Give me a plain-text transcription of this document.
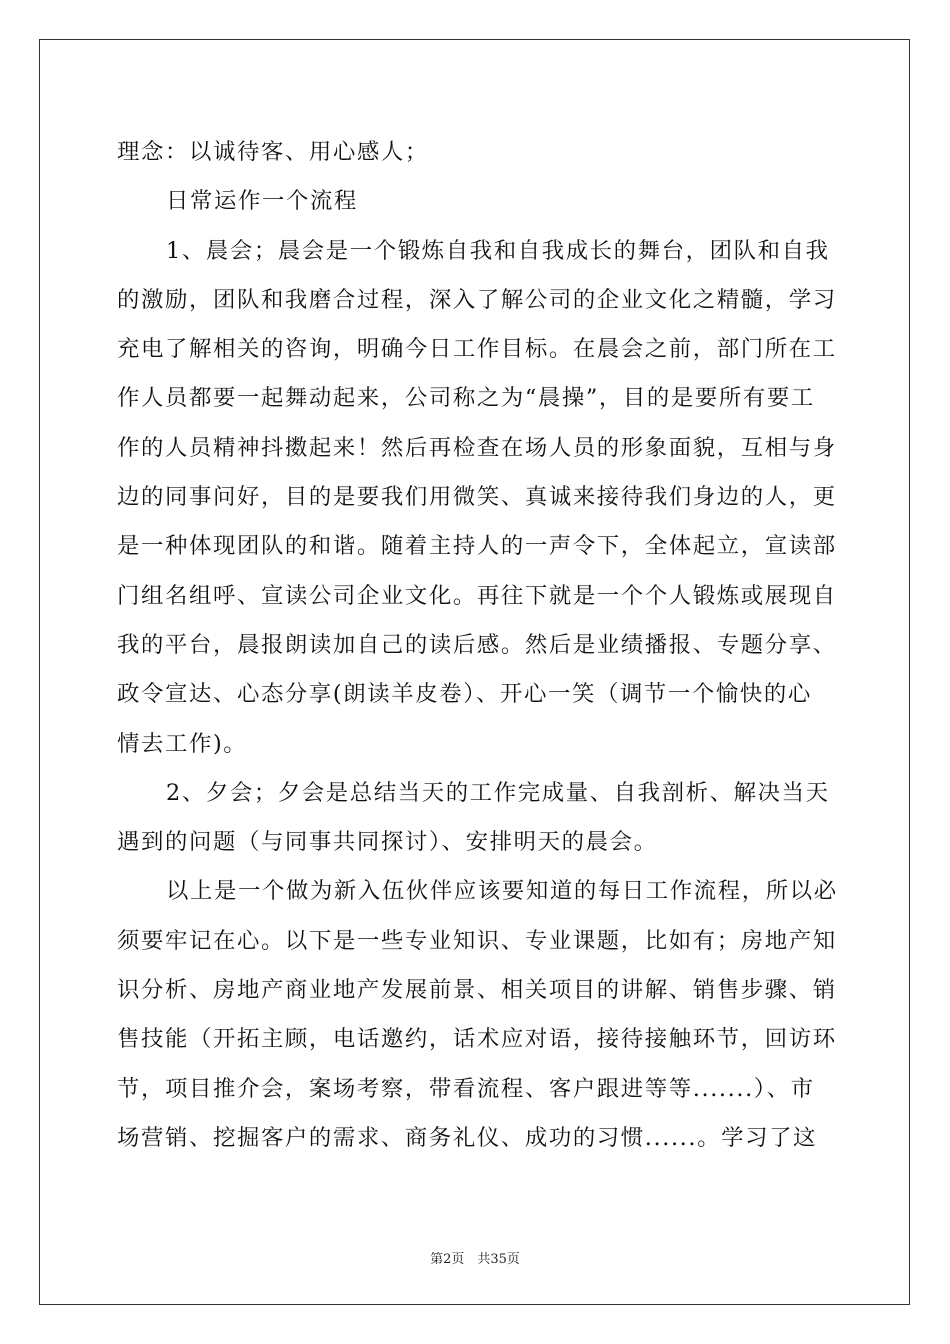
理念：以诚待客、用心感人；
日常运作一个流程
1、晨会；晨会是一个锻炼自我和自我成长的舞台，团队和自我
的激励，团队和我磨合过程，深入了解公司的企业文化之精髓，学习
充电了解相关的咨询，明确今日工作目标。在晨会之前，部门所在工
作人员都要一起舞动起来，公司称之为“晨操”，目的是要所有要工
作的人员精神抖擞起来！然后再检查在场人员的形象面貌，互相与身
边的同事问好，目的是要我们用微笑、真诚来接待我们身边的人，更
是一种体现团队的和谐。随着主持人的一声令下，全体起立，宣读部
门组名组呼、宣读公司企业文化。再往下就是一个个人锻炼或展现自
我的平台，晨报朗读加自己的读后感。然后是业绩播报、专题分享、
政令宣达、心态分享(朗读羊皮卷）、开心一笑（调节一个愉快的心
情去工作)。
2、夕会；夕会是总结当天的工作完成量、自我剖析、解决当天
遇到的问题（与同事共同探讨）、安排明天的晨会。
以上是一个做为新入伍伙伴应该要知道的每日工作流程，所以必
须要牢记在心。以下是一些专业知识、专业课题，比如有；房地产知
识分析、房地产商业地产发展前景、相关项目的讲解、销售步骤、销
售技能（开拓主顾，电话邀约，话术应对语，接待接触环节，回访环
节，项目推介会，案场考察，带看流程、客户跟进等等.......）、市
场营销、挖掘客户的需求、商务礼仪、成功的习惯......。学习了这
第2页　共35页
